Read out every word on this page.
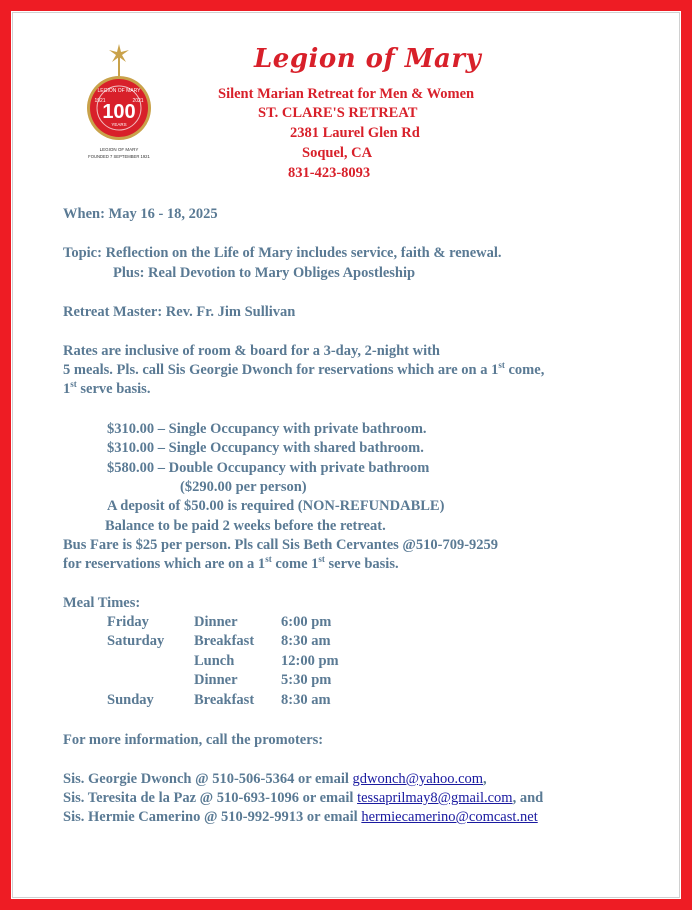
LEGION OF MARY
1921	2021
100
YEARS
LEGION OF MARY
FOUNDED 7 SEPTEMBER 1921
Legion of Mary
Silent Marian Retreat for Men & Women
ST. CLARE'S RETREAT
2381 Laurel Glen Rd
Soquel, CA
831-423-8093
When: May 16 - 18, 2025
Topic: Reflection on the Life of Mary includes service, faith & renewal.
Plus: Real Devotion to Mary Obliges Apostleship
Retreat Master: Rev. Fr. Jim Sullivan
Rates are inclusive of room & board for a 3-day, 2-night with
5 meals. Pls. call Sis Georgie Dwonch for reservations which are on a 1st come,
1st serve basis.
$310.00 – Single Occupancy with private bathroom.
$310.00 – Single Occupancy with shared bathroom.
$580.00 – Double Occupancy with private bathroom
($290.00 per person)
A deposit of $50.00 is required (NON-REFUNDABLE)
Balance to be paid 2 weeks before the retreat.
Bus Fare is $25 per person. Pls call Sis Beth Cervantes @510-709-9259
for reservations which are on a 1st come 1st serve basis.
Meal Times:
Friday	Dinner	6:00 pm
Saturday Breakfast 8:30 am
Lunch	12:00 pm
Dinner	5:30 pm
Sunday	Breakfast 8:30 am
For more information, call the promoters:
Sis. Georgie Dwonch @ 510-506-5364 or email gdwonch@yahoo.com,
Sis. Teresita de la Paz @ 510-693-1096 or email tessaprilmay8@gmail.com, and
Sis. Hermie Camerino @ 510-992-9913 or email hermiecamerino@comcast.net
